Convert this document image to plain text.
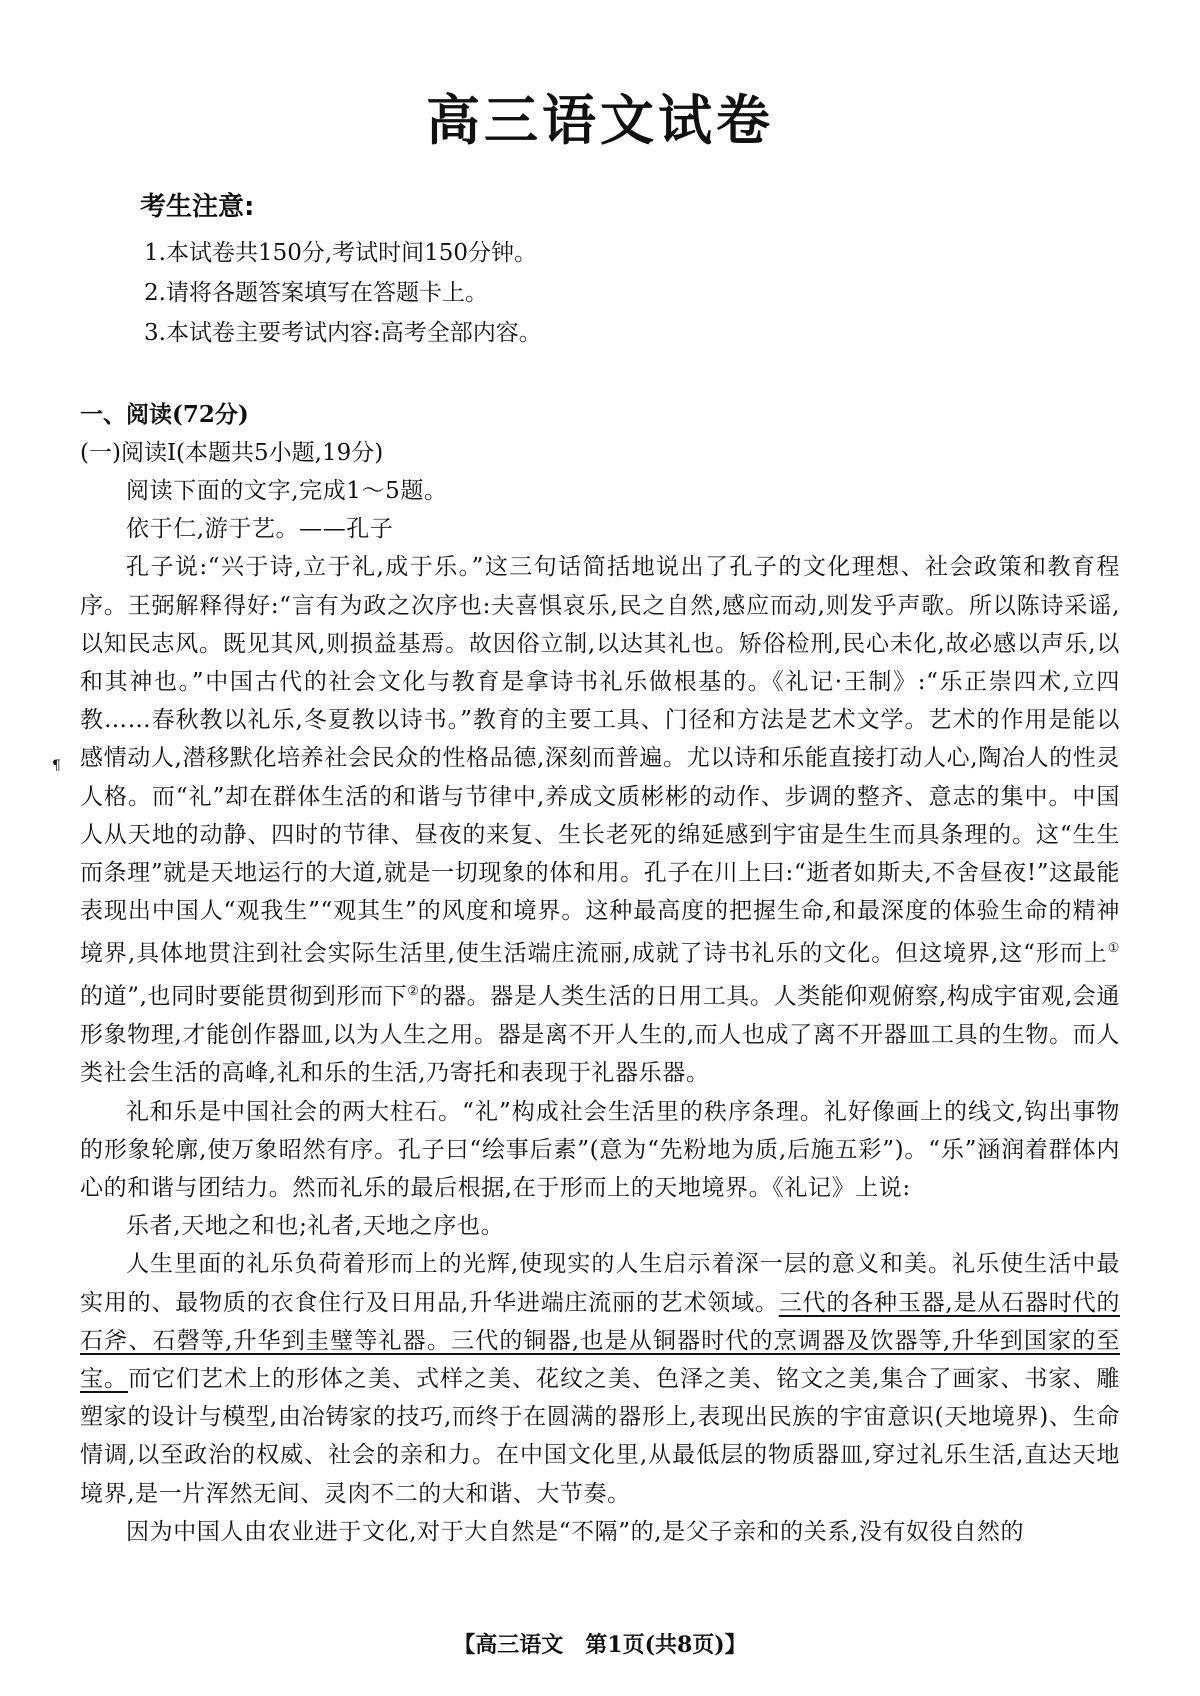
高三语文试卷
考生注意:
1.本试卷共150分,考试时间150分钟。
2.请将各题答案填写在答题卡上。
3.本试卷主要考试内容:高考全部内容。
¶
一、阅读(72分)
(一)阅读Ⅰ(本题共5小题,19分)

阅读下面的文字,完成1～5题。

依于仁,游于艺。——孔子

孔子说:“兴于诗,立于礼,成于乐。”这三句话简括地说出了孔子的文化理想、社会政策和教育程序。王弼解释得好:“言有为政之次序也:夫喜惧哀乐,民之自然,感应而动,则发乎声歌。所以陈诗采谣,以知民志风。既见其风,则损益基焉。故因俗立制,以达其礼也。矫俗检刑,民心未化,故必感以声乐,以和其神也。”中国古代的社会文化与教育是拿诗书礼乐做根基的。《礼记·王制》:“乐正崇四术,立四教……春秋教以礼乐,冬夏教以诗书。”教育的主要工具、门径和方法是艺术文学。艺术的作用是能以感情动人,潜移默化培养社会民众的性格品德,深刻而普遍。尤以诗和乐能直接打动人心,陶冶人的性灵人格。而“礼”却在群体生活的和谐与节律中,养成文质彬彬的动作、步调的整齐、意志的集中。中国人从天地的动静、四时的节律、昼夜的来复、生长老死的绵延感到宇宙是生生而具条理的。这“生生而条理”就是天地运行的大道,就是一切现象的体和用。孔子在川上曰:“逝者如斯夫,不舍昼夜!”这最能表现出中国人“观我生”“观其生”的风度和境界。这种最高度的把握生命,和最深度的体验生命的精神境界,具体地贯注到社会实际生活里,使生活端庄流丽,成就了诗书礼乐的文化。但这境界,这“形而上①的道”,也同时要能贯彻到形而下②的器。器是人类生活的日用工具。人类能仰观俯察,构成宇宙观,会通形象物理,才能创作器皿,以为人生之用。器是离不开人生的,而人也成了离不开器皿工具的生物。而人类社会生活的高峰,礼和乐的生活,乃寄托和表现于礼器乐器。

礼和乐是中国社会的两大柱石。“礼”构成社会生活里的秩序条理。礼好像画上的线文,钩出事物的形象轮廓,使万象昭然有序。孔子曰“绘事后素”(意为“先粉地为质,后施五彩”)。“乐”涵润着群体内心的和谐与团结力。然而礼乐的最后根据,在于形而上的天地境界。《礼记》上说:

乐者,天地之和也;礼者,天地之序也。

人生里面的礼乐负荷着形而上的光辉,使现实的人生启示着深一层的意义和美。礼乐使生活中最实用的、最物质的衣食住行及日用品,升华进端庄流丽的艺术领域。三代的各种玉器,是从石器时代的石斧、石磬等,升华到圭璧等礼器。三代的铜器,也是从铜器时代的烹调器及饮器等,升华到国家的至宝。而它们艺术上的形体之美、式样之美、花纹之美、色泽之美、铭文之美,集合了画家、书家、雕塑家的设计与模型,由冶铸家的技巧,而终于在圆满的器形上,表现出民族的宇宙意识(天地境界)、生命情调,以至政治的权威、社会的亲和力。在中国文化里,从最低层的物质器皿,穿过礼乐生活,直达天地境界,是一片浑然无间、灵肉不二的大和谐、大节奏。

因为中国人由农业进于文化,对于大自然是“不隔”的,是父子亲和的关系,没有奴役自然的

【高三语文　第1页(共8页)】
